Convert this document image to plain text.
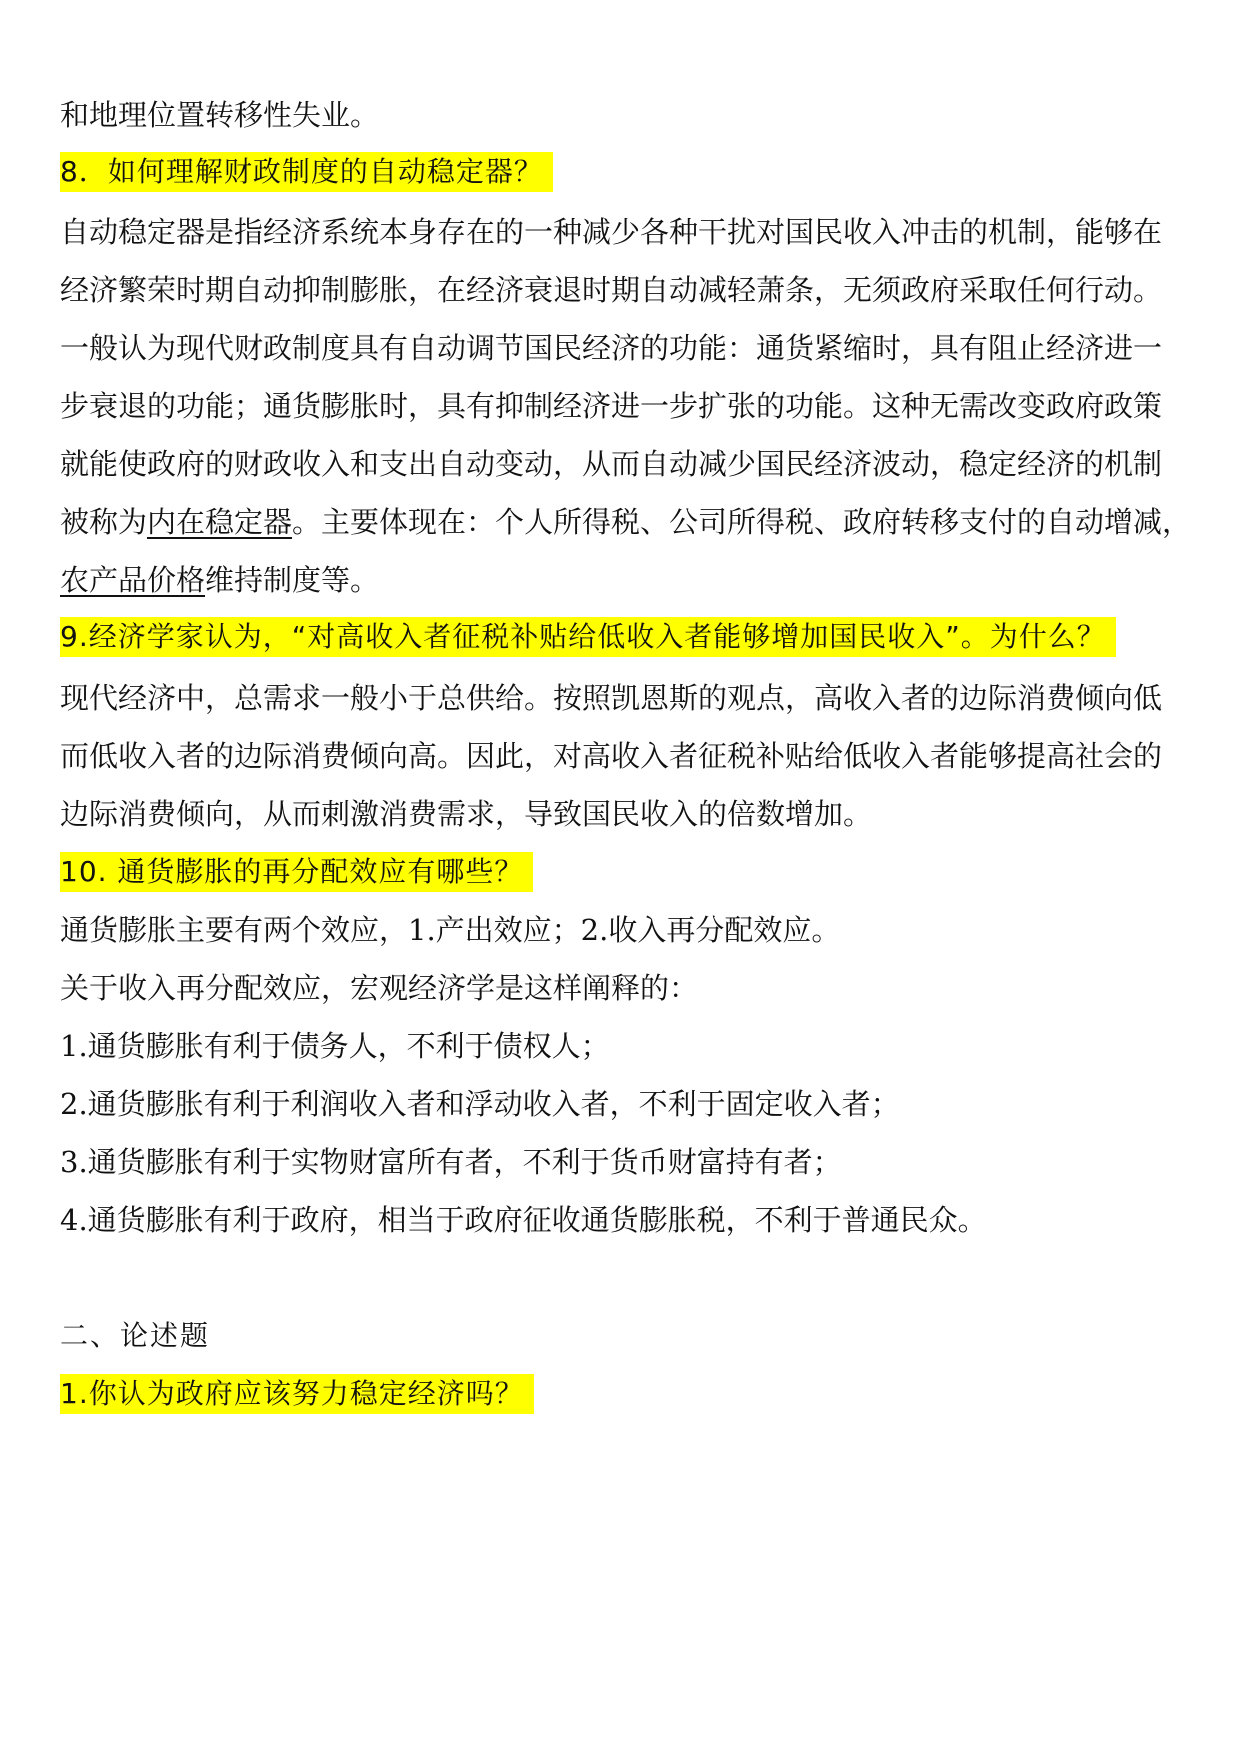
和地理位置转移性失业。
8．如何理解财政制度的自动稳定器？
自动稳定器是指经济系统本身存在的一种减少各种干扰对国民收入冲击的机制，能够在
经济繁荣时期自动抑制膨胀，在经济衰退时期自动减轻萧条，无须政府采取任何行动。
一般认为现代财政制度具有自动调节国民经济的功能：通货紧缩时，具有阻止经济进一
步衰退的功能；通货膨胀时，具有抑制经济进一步扩张的功能。这种无需改变政府政策
就能使政府的财政收入和支出自动变动，从而自动减少国民经济波动，稳定经济的机制
被称为内在稳定器。主要体现在：个人所得税、公司所得税、政府转移支付的自动增减，
农产品价格维持制度等。
9.经济学家认为，“对高收入者征税补贴给低收入者能够增加国民收入”。为什么？
现代经济中，总需求一般小于总供给。按照凯恩斯的观点，高收入者的边际消费倾向低
而低收入者的边际消费倾向高。因此，对高收入者征税补贴给低收入者能够提高社会的
边际消费倾向，从而刺激消费需求，导致国民收入的倍数增加。
10. 通货膨胀的再分配效应有哪些？
通货膨胀主要有两个效应，1.产出效应；2.收入再分配效应。
关于收入再分配效应，宏观经济学是这样阐释的：
1.通货膨胀有利于债务人，不利于债权人；
2.通货膨胀有利于利润收入者和浮动收入者，不利于固定收入者；
3.通货膨胀有利于实物财富所有者，不利于货币财富持有者；
4.通货膨胀有利于政府，相当于政府征收通货膨胀税，不利于普通民众。
二、论述题
1.你认为政府应该努力稳定经济吗？
